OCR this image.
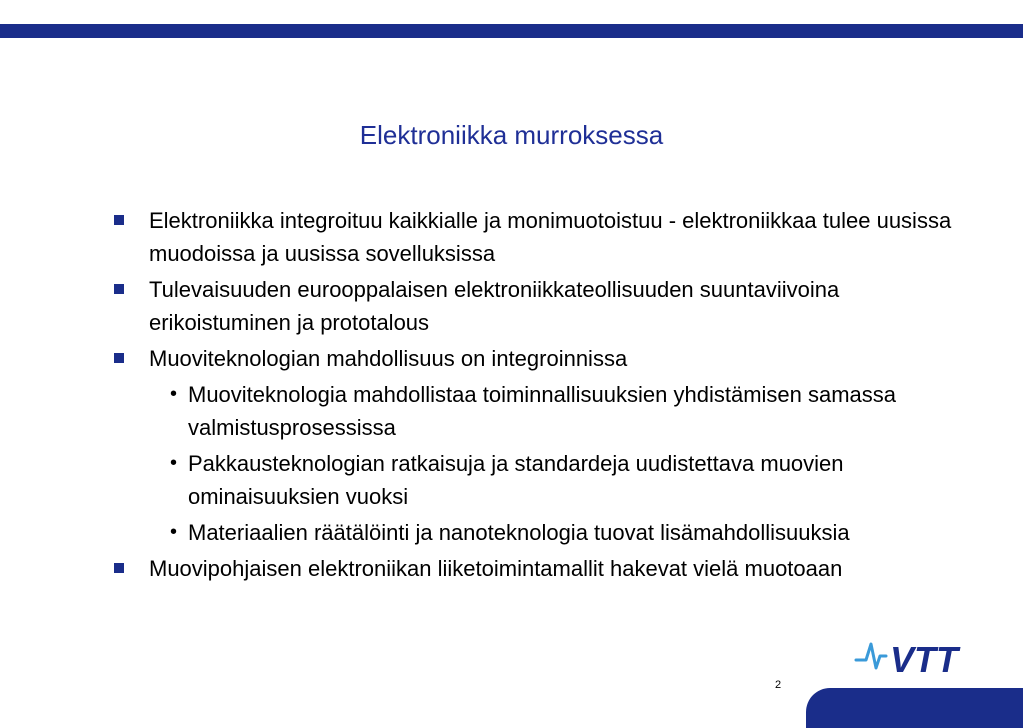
Elektroniikka murroksessa
Elektroniikka integroituu kaikkialle ja monimuotoistuu - elektroniikkaa tulee uusissa muodoissa ja uusissa sovelluksissa
Tulevaisuuden eurooppalaisen elektroniikkateollisuuden suuntaviivoina erikoistuminen ja prototalous
Muoviteknologian mahdollisuus on integroinnissa
• Muoviteknologia mahdollistaa toiminnallisuuksien yhdistämisen samassa valmistusprosessissa
• Pakkausteknologian ratkaisuja ja standardeja uudistettava muovien ominaisuuksien vuoksi
• Materiaalien räätälöinti ja nanoteknologia tuovat lisämahdollisuuksia
Muovipohjaisen elektroniikan liiketoimintamallit hakevat vielä muotoaan
VTT
2
